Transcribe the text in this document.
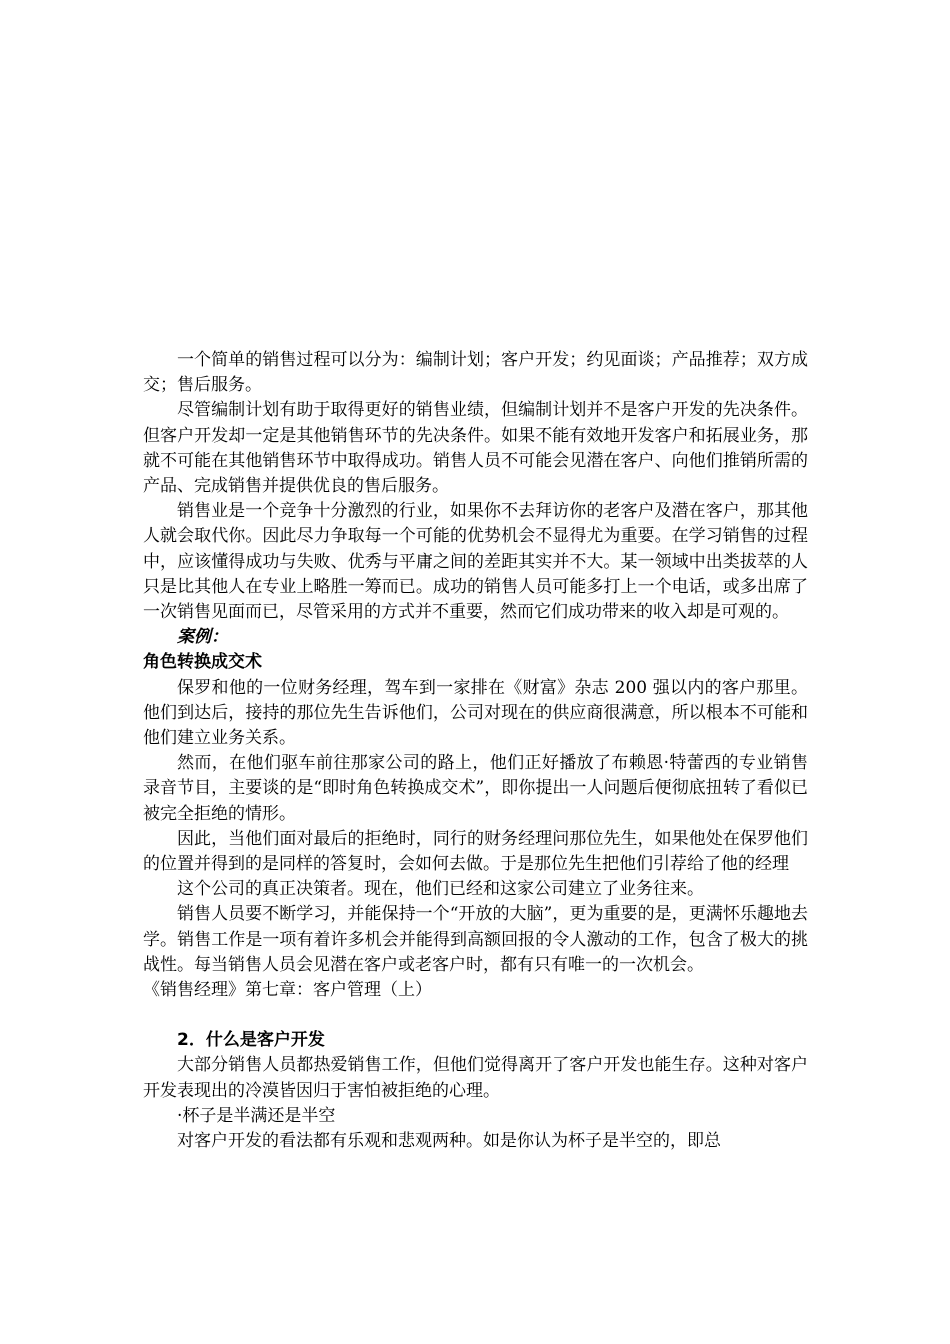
一个简单的销售过程可以分为：编制计划；客户开发；约见面谈；产品推荐；双方成交；售后服务。

尽管编制计划有助于取得更好的销售业绩，但编制计划并不是客户开发的先决条件。但客户开发却一定是其他销售环节的先决条件。如果不能有效地开发客户和拓展业务，那就不可能在其他销售环节中取得成功。销售人员不可能会见潜在客户、向他们推销所需的产品、完成销售并提供优良的售后服务。

销售业是一个竞争十分激烈的行业，如果你不去拜访你的老客户及潜在客户，那其他人就会取代你。因此尽力争取每一个可能的优势机会不显得尤为重要。在学习销售的过程中，应该懂得成功与失败、优秀与平庸之间的差距其实并不大。某一领域中出类拔萃的人只是比其他人在专业上略胜一筹而已。成功的销售人员可能多打上一个电话，或多出席了一次销售见面而已，尽管采用的方式并不重要，然而它们成功带来的收入却是可观的。

案例：

角色转换成交术

保罗和他的一位财务经理，驾车到一家排在《财富》杂志 200 强以内的客户那里。他们到达后，接持的那位先生告诉他们，公司对现在的供应商很满意，所以根本不可能和他们建立业务关系。

然而，在他们驱车前往那家公司的路上，他们正好播放了布赖恩·特蕾西的专业销售录音节目，主要谈的是“即时角色转换成交术”，即你提出一人问题后便彻底扭转了看似已被完全拒绝的情形。

因此，当他们面对最后的拒绝时，同行的财务经理问那位先生，如果他处在保罗他们的位置并得到的是同样的答复时，会如何去做。于是那位先生把他们引荐给了他的经理

这个公司的真正决策者。现在，他们已经和这家公司建立了业务往来。

销售人员要不断学习，并能保持一个“开放的大脑”，更为重要的是，更满怀乐趣地去学。销售工作是一项有着许多机会并能得到高额回报的令人激动的工作，包含了极大的挑战性。每当销售人员会见潜在客户或老客户时，都有只有唯一的一次机会。

《销售经理》第七章：客户管理（上）

2．什么是客户开发

大部分销售人员都热爱销售工作，但他们觉得离开了客户开发也能生存。这种对客户开发表现出的冷漠皆因归于害怕被拒绝的心理。

·杯子是半满还是半空

对客户开发的看法都有乐观和悲观两种。如是你认为杯子是半空的，即总
